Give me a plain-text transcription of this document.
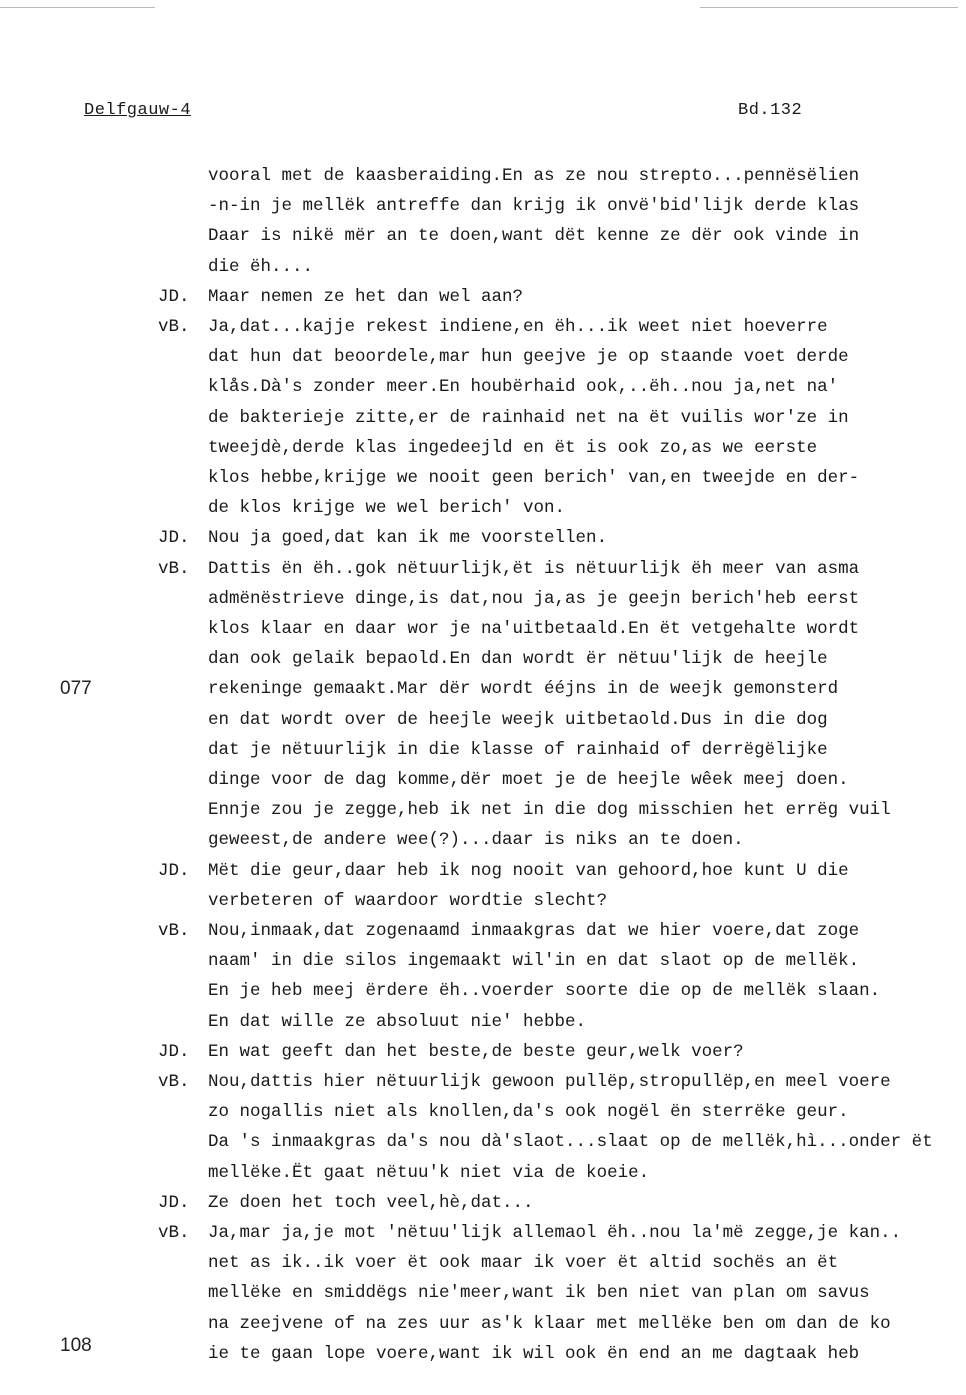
Delfgauw-4	Bd.132
077
108
vooral met de kaasberaiding.En as ze nou strepto...pennësëlien
-n-in je mellëk antreffe dan krijg ik onvë'bid'lijk derde klas
Daar is nikë mër an te doen,want dët kenne ze dër ook vinde in
die ëh....
JD. Maar nemen ze het dan wel aan?
vB. Ja,dat...kajje rekest indiene,en ëh...ik weet niet hoeverre
dat hun dat beoordele,mar hun geejve je op staande voet derde
klås.Dà's zonder meer.En houbërhaid ook,..ëh..nou ja,net na'
de bakterieje zitte,er de rainhaid net na ët vuilis wor'ze in
tweejdè,derde klas ingedeejld en ët is ook zo,as we eerste
klos hebbe,krijge we nooit geen berich' van,en tweejde en der-
de klos krijge we wel berich' von.
JD. Nou ja goed,dat kan ik me voorstellen.
vB. Dattis ën ëh..gok nëtuurlijk,ët is nëtuurlijk ëh meer van asma
admënëstrieve dinge,is dat,nou ja,as je geejn berich'heb eerst
klos klaar en daar wor je na'uitbetaald.En ët vetgehalte wordt
dan ook gelaik bepaold.En dan wordt ër nëtuu'lijk de heejle
rekeninge gemaakt.Mar dër wordt ééjns in de weejk gemonsterd
en dat wordt over de heejle weejk uitbetaold.Dus in die dog
dat je nëtuurlijk in die klasse of rainhaid of derrëgëlijke
dinge voor de dag komme,dër moet je de heejle wêek meej doen.
Ennje zou je zegge,heb ik net in die dog misschien het errëg vuil
geweest,de andere wee(?)...daar is niks an te doen.
JD. Mët die geur,daar heb ik nog nooit van gehoord,hoe kunt U die
verbeteren of waardoor wordtie slecht?
vB. Nou,inmaak,dat zogenaamd inmaakgras dat we hier voere,dat zoge
naam' in die silos ingemaakt wil'in en dat slaot op de mellëk.
En je heb meej ërdere ëh..voerder soorte die op de mellëk slaan.
En dat wille ze absoluut nie' hebbe.
JD. En wat geeft dan het beste,de beste geur,welk voer?
vB. Nou,dattis hier nëtuurlijk gewoon pullëp,stropullëp,en meel voere
zo nogallis niet als knollen,da's ook nogël ën sterrëke geur.
Da 's inmaakgras da's nou dà'slaot...slaat op de mellëk,hì...onder ët
mellëke.Ët gaat nëtuu'k niet via de koeie.
JD. Ze doen het toch veel,hè,dat...
vB. Ja,mar ja,je mot 'nëtuu'lijk allemaol ëh..nou la'më zegge,je kan..
net as ik..ik voer ët ook maar ik voer ët altid sochës an ët
mellëke en smiddëgs nie'meer,want ik ben niet van plan om savus
na zeejvene of na zes uur as'k klaar met mellëke ben om dan de ko
ie te gaan lope voere,want ik wil ook ën end an me dagtaak heb
